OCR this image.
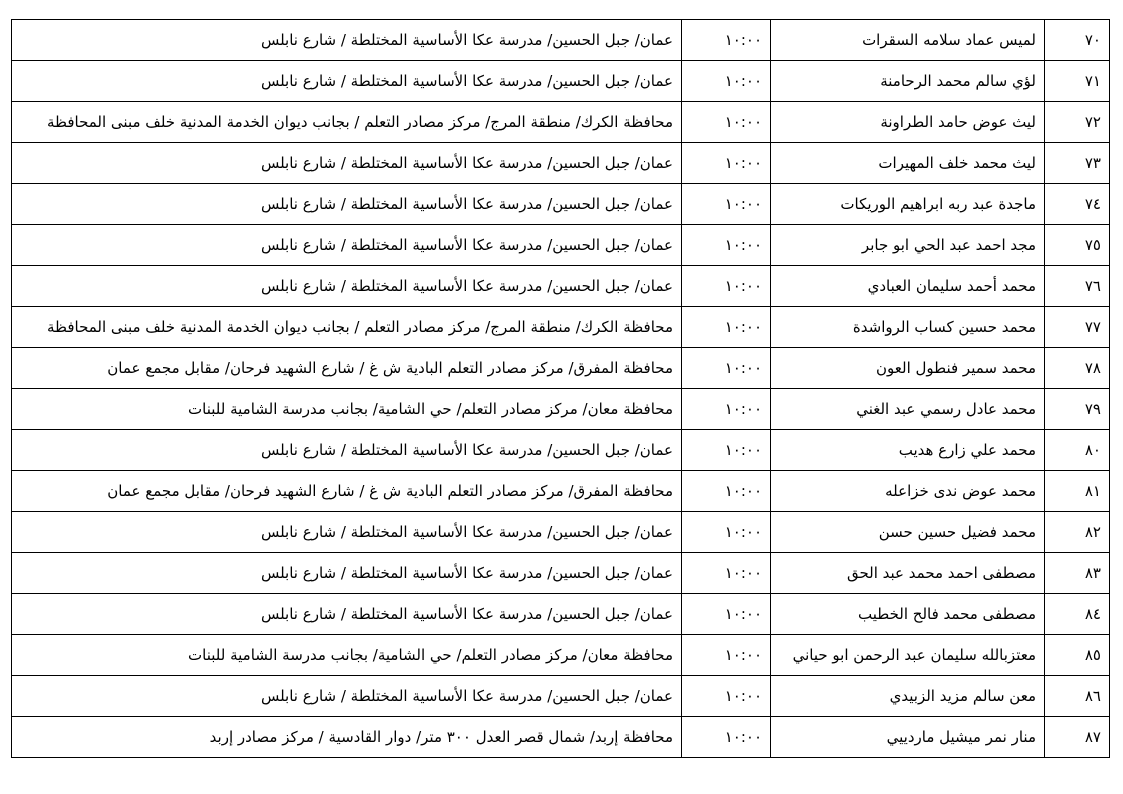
٧٠	لميس عماد سلامه السقرات	١٠:٠٠	عمان/ جبل الحسين/ مدرسة عكا الأساسية المختلطة / شارع نابلس
٧١	لؤي سالم محمد الرحامنة	١٠:٠٠	عمان/ جبل الحسين/ مدرسة عكا الأساسية المختلطة / شارع نابلس
٧٢	ليث عوض حامد الطراونة	١٠:٠٠	محافظة الكرك/ منطقة المرج/ مركز مصادر التعلم / بجانب ديوان الخدمة المدنية خلف مبنى المحافظة
٧٣	ليث محمد خلف المهيرات	١٠:٠٠	عمان/ جبل الحسين/ مدرسة عكا الأساسية المختلطة / شارع نابلس
٧٤	ماجدة عبد ربه ابراهيم الوريكات	١٠:٠٠	عمان/ جبل الحسين/ مدرسة عكا الأساسية المختلطة / شارع نابلس
٧٥	مجد احمد عبد الحي ابو جابر	١٠:٠٠	عمان/ جبل الحسين/ مدرسة عكا الأساسية المختلطة / شارع نابلس
٧٦	محمد أحمد سليمان العبادي	١٠:٠٠	عمان/ جبل الحسين/ مدرسة عكا الأساسية المختلطة / شارع نابلس
٧٧	محمد حسين كساب الرواشدة	١٠:٠٠	محافظة الكرك/ منطقة المرج/ مركز مصادر التعلم / بجانب ديوان الخدمة المدنية خلف مبنى المحافظة
٧٨	محمد سمير فنطول العون	١٠:٠٠	محافظة المفرق/ مركز مصادر التعلم البادية ش غ / شارع الشهيد فرحان/ مقابل مجمع عمان
٧٩	محمد عادل رسمي عبد الغني	١٠:٠٠	محافظة معان/ مركز مصادر التعلم/ حي الشامية/ بجانب مدرسة الشامية للبنات
٨٠	محمد علي زارع هديب	١٠:٠٠	عمان/ جبل الحسين/ مدرسة عكا الأساسية المختلطة / شارع نابلس
٨١	محمد عوض ندى خزاعله	١٠:٠٠	محافظة المفرق/ مركز مصادر التعلم البادية ش غ / شارع الشهيد فرحان/ مقابل مجمع عمان
٨٢	محمد فضيل حسين حسن	١٠:٠٠	عمان/ جبل الحسين/ مدرسة عكا الأساسية المختلطة / شارع نابلس
٨٣	مصطفى احمد محمد عبد الحق	١٠:٠٠	عمان/ جبل الحسين/ مدرسة عكا الأساسية المختلطة / شارع نابلس
٨٤	مصطفى محمد فالح الخطيب	١٠:٠٠	عمان/ جبل الحسين/ مدرسة عكا الأساسية المختلطة / شارع نابلس
٨٥	معتزبالله سليمان عبد الرحمن ابو حياني	١٠:٠٠	محافظة معان/ مركز مصادر التعلم/ حي الشامية/ بجانب مدرسة الشامية للبنات
٨٦	معن سالم مزيد الزبيدي	١٠:٠٠	عمان/ جبل الحسين/ مدرسة عكا الأساسية المختلطة / شارع نابلس
٨٧	منار نمر ميشيل ماردييي	١٠:٠٠	محافظة إربد/ شمال قصر العدل ٣٠٠ متر/ دوار القادسية / مركز مصادر إربد
